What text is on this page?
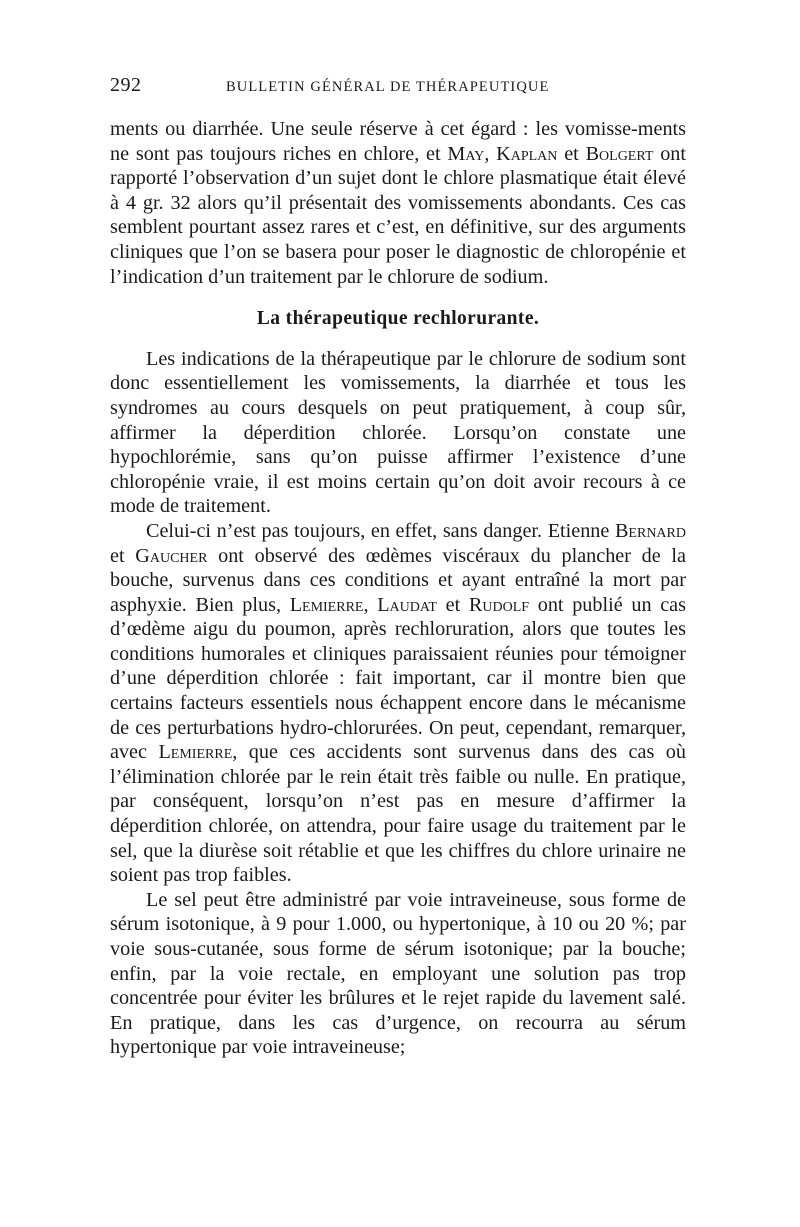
292	BULLETIN GÉNÉRAL DE THÉRAPEUTIQUE

ments ou diarrhée. Une seule réserve à cet égard : les vomisse-ments ne sont pas toujours riches en chlore, et May, Kaplan et Bolgert ont rapporté l’observation d’un sujet dont le chlore plasmatique était élevé à 4 gr. 32 alors qu’il présentait des vomissements abondants. Ces cas semblent pourtant assez rares et c’est, en définitive, sur des arguments cliniques que l’on se basera pour poser le diagnostic de chloropénie et l’indication d’un traitement par le chlorure de sodium.

La thérapeutique rechlorurante.

Les indications de la thérapeutique par le chlorure de sodium sont donc essentiellement les vomissements, la diarrhée et tous les syndromes au cours desquels on peut pratiquement, à coup sûr, affirmer la déperdition chlorée. Lorsqu’on constate une hypochlorémie, sans qu’on puisse affirmer l’existence d’une chloropénie vraie, il est moins certain qu’on doit avoir recours à ce mode de traitement.

Celui-ci n’est pas toujours, en effet, sans danger. Etienne Bernard et Gaucher ont observé des œdèmes viscéraux du plancher de la bouche, survenus dans ces conditions et ayant entraîné la mort par asphyxie. Bien plus, Lemierre, Laudat et Rudolf ont publié un cas d’œdème aigu du poumon, après rechloruration, alors que toutes les conditions humorales et cliniques paraissaient réunies pour témoigner d’une déperdition chlorée : fait important, car il montre bien que certains facteurs essentiels nous échappent encore dans le mécanisme de ces perturbations hydro-chlorurées. On peut, cependant, remarquer, avec Lemierre, que ces accidents sont survenus dans des cas où l’élimination chlorée par le rein était très faible ou nulle. En pratique, par conséquent, lorsqu’on n’est pas en mesure d’affirmer la déperdition chlorée, on attendra, pour faire usage du traitement par le sel, que la diurèse soit rétablie et que les chiffres du chlore urinaire ne soient pas trop faibles.

Le sel peut être administré par voie intraveineuse, sous forme de sérum isotonique, à 9 pour 1.000, ou hypertonique, à 10 ou 20 %; par voie sous-cutanée, sous forme de sérum isotonique; par la bouche; enfin, par la voie rectale, en employant une solution pas trop concentrée pour éviter les brûlures et le rejet rapide du lavement salé. En pratique, dans les cas d’urgence, on recourra au sérum hypertonique par voie intraveineuse;
